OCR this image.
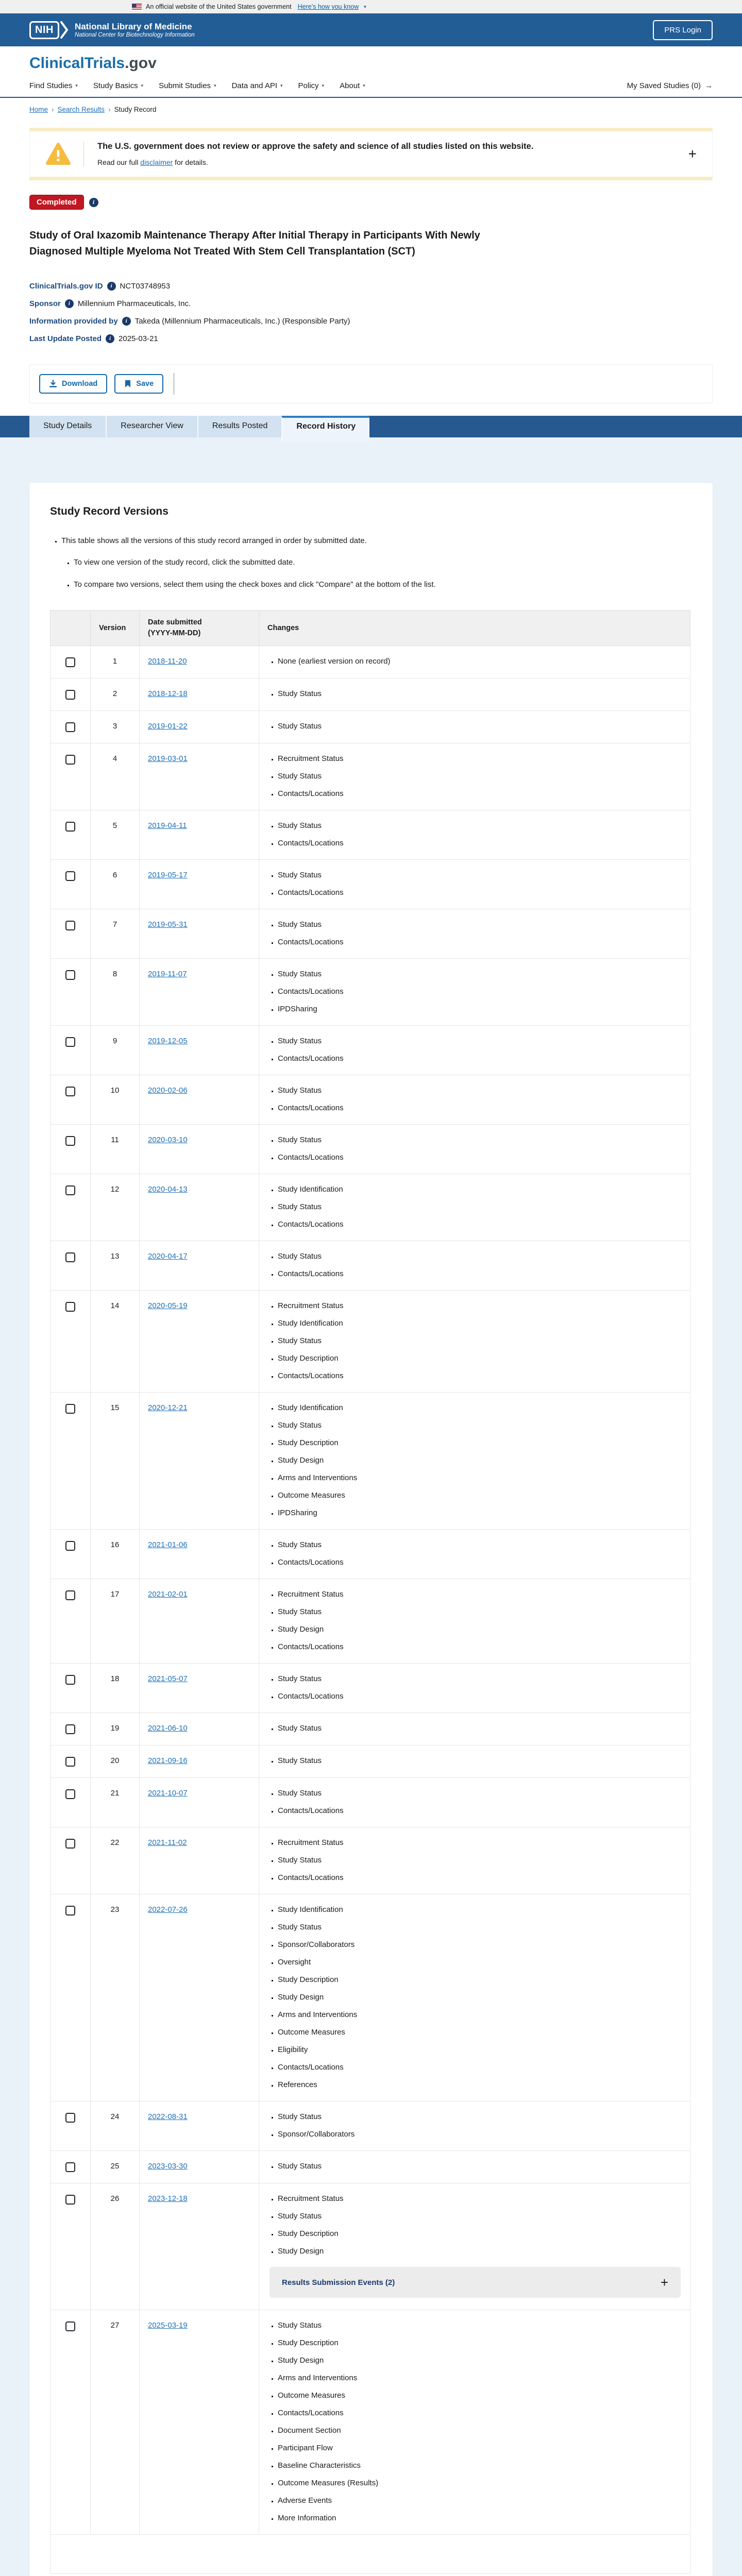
An official website of the United States government Here’s how you know ▾
NIH	National Library of Medicine
National Center for Biotechnology Information
PRS Login
ClinicalTrials.gov
Find Studies ▾ Study Basics ▾ Submit Studies ▾ Data and API ▾ Policy ▾ About ▾	My Saved Studies (0) →
Home › Search Results › Study Record
The U.S. government does not review or approve the safety and science of all studies listed on this website.
Read our full disclaimer for details.
+
Completed	i
Study of Oral Ixazomib Maintenance Therapy After Initial Therapy in Participants With Newly Diagnosed Multiple Myeloma Not Treated With Stem Cell Transplantation (SCT)
ClinicalTrials.gov ID	i NCT03748953
Sponsor	i Millennium Pharmaceuticals, Inc.
Information provided by	i Takeda (Millennium Pharmaceuticals, Inc.) (Responsible Party)
Last Update Posted	i 2025-03-21
Download	Save
Study Details	Researcher View	Results Posted	Record History
Study Record Versions
▪ This table shows all the versions of this study record arranged in order by submitted date.
▪ To view one version of the study record, click the submitted date.
▪ To compare two versions, select them using the check boxes and click "Compare" at the bottom of the list.
	Version	Date submitted
(YYYY-MM-DD)	Changes

	1	2018-11-20	
▪None (earliest version on record)

	2	2018-12-18	
▪Study Status

	3	2019-01-22	
▪Study Status

	4	2019-03-01	
▪Recruitment Status
▪ Study Status
▪ Contacts/Locations

	5	2019-04-11	
▪Study Status
▪ Contacts/Locations

	6	2019-05-17	
▪Study Status
▪ Contacts/Locations

	7	2019-05-31	
▪Study Status
▪ Contacts/Locations

	8	2019-11-07	
▪Study Status
▪ Contacts/Locations
▪ IPDSharing

	9	2019-12-05	
▪Study Status
▪ Contacts/Locations

	10	2020-02-06	
▪Study Status
▪ Contacts/Locations

	11	2020-03-10	
▪Study Status
▪ Contacts/Locations

	12	2020-04-13	
▪Study Identification
▪ Study Status
▪ Contacts/Locations

	13	2020-04-17	
▪Study Status
▪ Contacts/Locations

	14	2020-05-19	
▪Recruitment Status
▪ Study Identification
▪ Study Status
▪ Study Description
▪ Contacts/Locations

	15	2020-12-21	
▪Study Identification
▪ Study Status
▪ Study Description
▪ Study Design
▪ Arms and Interventions
▪ Outcome Measures
▪ IPDSharing

	16	2021-01-06	
▪Study Status
▪ Contacts/Locations

	17	2021-02-01	
▪Recruitment Status
▪ Study Status
▪ Study Design
▪ Contacts/Locations

	18	2021-05-07	
▪Study Status
▪ Contacts/Locations

	19	2021-06-10	
▪Study Status

	20	2021-09-16	
▪Study Status

	21	2021-10-07	
▪Study Status
▪ Contacts/Locations

	22	2021-11-02	
▪Recruitment Status
▪ Study Status
▪ Contacts/Locations

	23	2022-07-26	
▪Study Identification
▪ Study Status
▪ Sponsor/Collaborators
▪ Oversight
▪ Study Description
▪ Study Design
▪ Arms and Interventions
▪ Outcome Measures
▪ Eligibility
▪ Contacts/Locations
▪ References

	24	2022-08-31	
▪Study Status
▪ Sponsor/Collaborators

	25	2023-03-30	
▪Study Status

	26	2023-12-18	
▪Recruitment Status
▪ Study Status
▪ Study Description
▪ Study Design
Results Submission Events (2)	+

	27	2025-03-19	
▪Study Status
▪ Study Description
▪ Study Design
▪ Arms and Interventions
▪ Outcome Measures
▪ Contacts/Locations
▪ Document Section
▪ Participant Flow
▪ Baseline Characteristics
▪ Outcome Measures (Results)
▪ Adverse Events
▪ More Information
